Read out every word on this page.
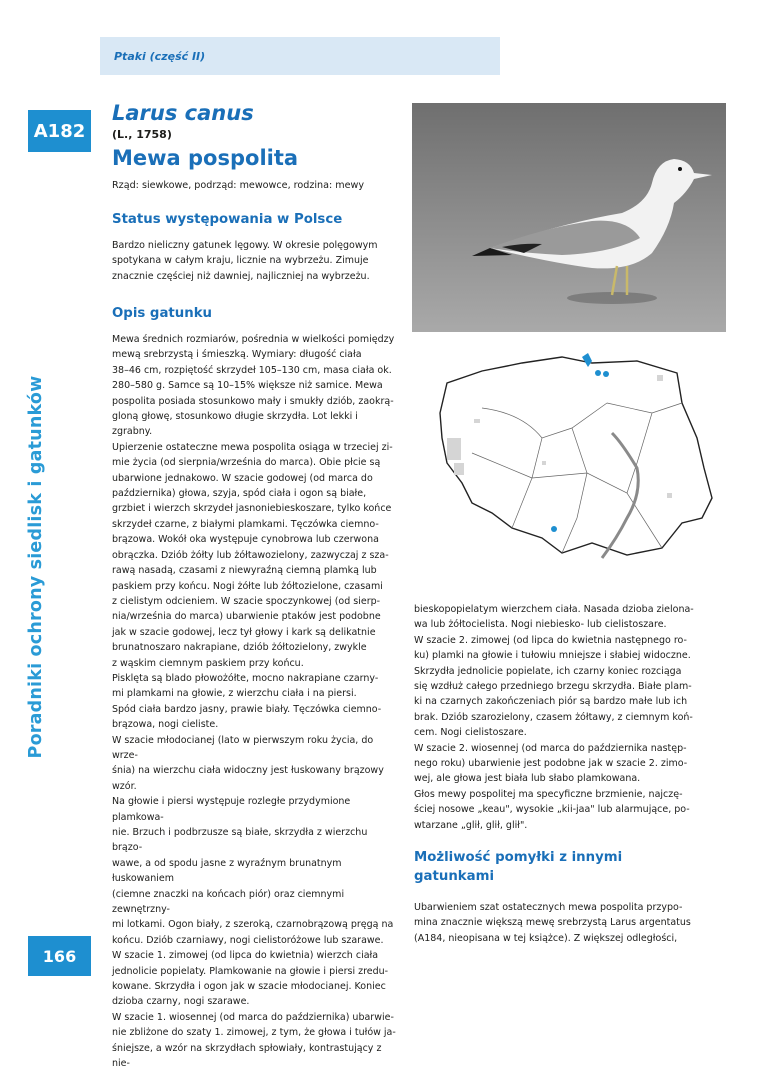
Ptaki (część II)
A182
Poradniki ochrony siedlisk i gatunków
166
Larus canus
(L., 1758)
Mewa pospolita
Rząd: siewkowe, podrząd: mewowce, rodzina: mewy
Status występowania w Polsce

Bardzo nieliczny gatunek lęgowy. W okresie polęgowym

spotykana w całym kraju, licznie na wybrzeżu. Zimuje

znacznie częściej niż dawniej, najliczniej na wybrzeżu.

Opis gatunku

Mewa średnich rozmiarów, pośrednia w wielkości pomiędzy

mewą srebrzystą i śmieszką. Wymiary: długość ciała

38–46 cm, rozpiętość skrzydeł 105–130 cm, masa ciała ok.

280–580 g. Samce są 10–15% większe niż samice. Mewa

pospolita posiada stosunkowo mały i smukły dziób, zaokrą-

gloną głowę, stosunkowo długie skrzydła. Lot lekki i zgrabny.

Upierzenie ostateczne mewa pospolita osiąga w trzeciej zi-

mie życia (od sierpnia/września do marca). Obie płcie są

ubarwione jednakowo. W szacie godowej (od marca do

października) głowa, szyja, spód ciała i ogon są białe,

grzbiet i wierzch skrzydeł jasnoniebieskoszare, tylko końce

skrzydeł czarne, z białymi plamkami. Tęczówka ciemno-

brązowa. Wokół oka występuje cynobrowa lub czerwona

obrączka. Dziób żółty lub żółtawozielony, zazwyczaj z sza-

rawą nasadą, czasami z niewyraźną ciemną plamką lub

paskiem przy końcu. Nogi żółte lub żółtozielone, czasami

z cielistym odcieniem. W szacie spoczynkowej (od sierp-

nia/września do marca) ubarwienie ptaków jest podobne

jak w szacie godowej, lecz tył głowy i kark są delikatnie

brunatnoszaro nakrapiane, dziób żółtozielony, zwykle

z wąskim ciemnym paskiem przy końcu.

Pisklęta są blado płowożółte, mocno nakrapiane czarny-

mi plamkami na głowie, z wierzchu ciała i na piersi.

Spód ciała bardzo jasny, prawie biały. Tęczówka ciemno-

brązowa, nogi cieliste.

W szacie młodocianej (lato w pierwszym roku życia, do wrze-

śnia) na wierzchu ciała widoczny jest łuskowany brązowy wzór.

Na głowie i piersi występuje rozległe przydymione plamkowa-

nie. Brzuch i podbrzusze są białe, skrzydła z wierzchu brązo-

wawe, a od spodu jasne z wyraźnym brunatnym łuskowaniem

(ciemne znaczki na końcach piór) oraz ciemnymi zewnętrzny-

mi lotkami. Ogon biały, z szeroką, czarnobrązową pręgą na

końcu. Dziób czarniawy, nogi cielistoróżowe lub szarawe.

W szacie 1. zimowej (od lipca do kwietnia) wierzch ciała

jednolicie popielaty. Plamkowanie na głowie i piersi zredu-

kowane. Skrzydła i ogon jak w szacie młodocianej. Koniec

dzioba czarny, nogi szarawe.

W szacie 1. wiosennej (od marca do października) ubarwie-

nie zbliżone do szaty 1. zimowej, z tym, że głowa i tułów ja-

śniejsze, a wzór na skrzydłach spłowiały, kontrastujący z nie-

bieskopopielatym wierzchem ciała. Nasada dzioba zielona-

wa lub żółtocielista. Nogi niebiesko- lub cielistoszare.

W szacie 2. zimowej (od lipca do kwietnia następnego ro-

ku) plamki na głowie i tułowiu mniejsze i słabiej widoczne.

Skrzydła jednolicie popielate, ich czarny koniec rozciąga

się wzdłuż całego przedniego brzegu skrzydła. Białe plam-

ki na czarnych zakończeniach piór są bardzo małe lub ich

brak. Dziób szarozielony, czasem żółtawy, z ciemnym koń-

cem. Nogi cielistoszare.

W szacie 2. wiosennej (od marca do października następ-

nego roku) ubarwienie jest podobne jak w szacie 2. zimo-

wej, ale głowa jest biała lub słabo plamkowana.

Głos mewy pospolitej ma specyficzne brzmienie, najczę-

ściej nosowe „keau", wysokie „kii-jaa" lub alarmujące, po-

wtarzane „glił, glił, glił".

Możliwość pomyłki z innymi
gatunkami

Ubarwieniem szat ostatecznych mewa pospolita przypo-

mina znacznie większą mewę srebrzystą Larus argentatus

(A184, nieopisana w tej książce). Z większej odległości,
